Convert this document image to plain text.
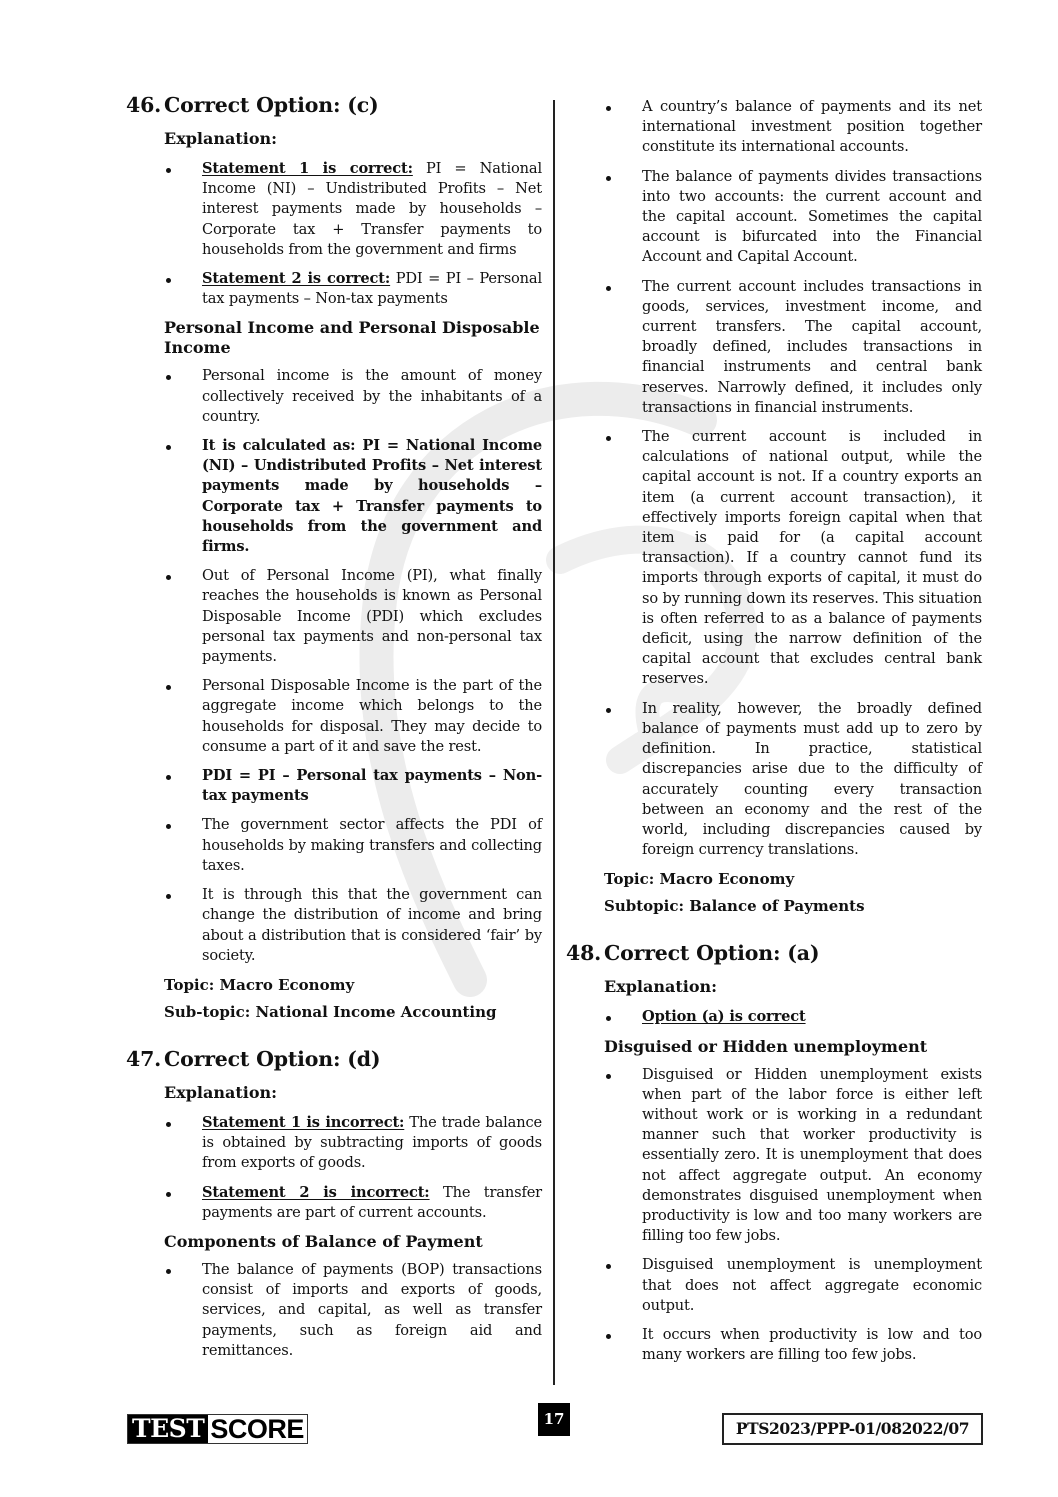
46. Correct Option: (c)
Explanation:
Statement 1 is correct: PI = National Income (NI) – Undistributed Profits – Net interest payments made by households – Corporate tax + Transfer payments to households from the government and firms
Statement 2 is correct: PDI = PI – Personal tax payments – Non-tax payments
Personal Income and Personal Disposable Income
Personal income is the amount of money collectively received by the inhabitants of a country.
It is calculated as: PI = National Income (NI) – Undistributed Profits – Net interest payments made by households – Corporate tax + Transfer payments to households from the government and firms.
Out of Personal Income (PI), what finally reaches the households is known as Personal Disposable Income (PDI) which excludes personal tax payments and non-personal tax payments.
Personal Disposable Income is the part of the aggregate income which belongs to the households for disposal. They may decide to consume a part of it and save the rest.
PDI = PI – Personal tax payments – Non-tax payments
The government sector affects the PDI of households by making transfers and collecting taxes.
It is through this that the government can change the distribution of income and bring about a distribution that is considered ‘fair’ by society.
Topic: Macro Economy
Sub-topic: National Income Accounting
47. Correct Option: (d)
Explanation:
Statement 1 is incorrect: The trade balance is obtained by subtracting imports of goods from exports of goods.
Statement 2 is incorrect: The transfer payments are part of current accounts.
Components of Balance of Payment
The balance of payments (BOP) transactions consist of imports and exports of goods, services, and capital, as well as transfer payments, such as foreign aid and remittances.
A country’s balance of payments and its net international investment position together constitute its international accounts.
The balance of payments divides transactions into two accounts: the current account and the capital account. Sometimes the capital account is bifurcated into the Financial Account and Capital Account.
The current account includes transactions in goods, services, investment income, and current transfers. The capital account, broadly defined, includes transactions in financial instruments and central bank reserves. Narrowly defined, it includes only transactions in financial instruments.
The current account is included in calculations of national output, while the capital account is not. If a country exports an item (a current account transaction), it effectively imports foreign capital when that item is paid for (a capital account transaction). If a country cannot fund its imports through exports of capital, it must do so by running down its reserves. This situation is often referred to as a balance of payments deficit, using the narrow definition of the capital account that excludes central bank reserves.
In reality, however, the broadly defined balance of payments must add up to zero by definition. In practice, statistical discrepancies arise due to the difficulty of accurately counting every transaction between an economy and the rest of the world, including discrepancies caused by foreign currency translations.
Topic: Macro Economy
Subtopic: Balance of Payments
48. Correct Option: (a)
Explanation:
Option (a) is correct
Disguised or Hidden unemployment
Disguised or Hidden unemployment exists when part of the labor force is either left without work or is working in a redundant manner such that worker productivity is essentially zero. It is unemployment that does not affect aggregate output. An economy demonstrates disguised unemployment when productivity is low and too many workers are filling too few jobs.
Disguised unemployment is unemployment that does not affect aggregate economic output.
It occurs when productivity is low and too many workers are filling too few jobs.
TEST SCORE	17	PTS2023/PPP-01/082022/07
